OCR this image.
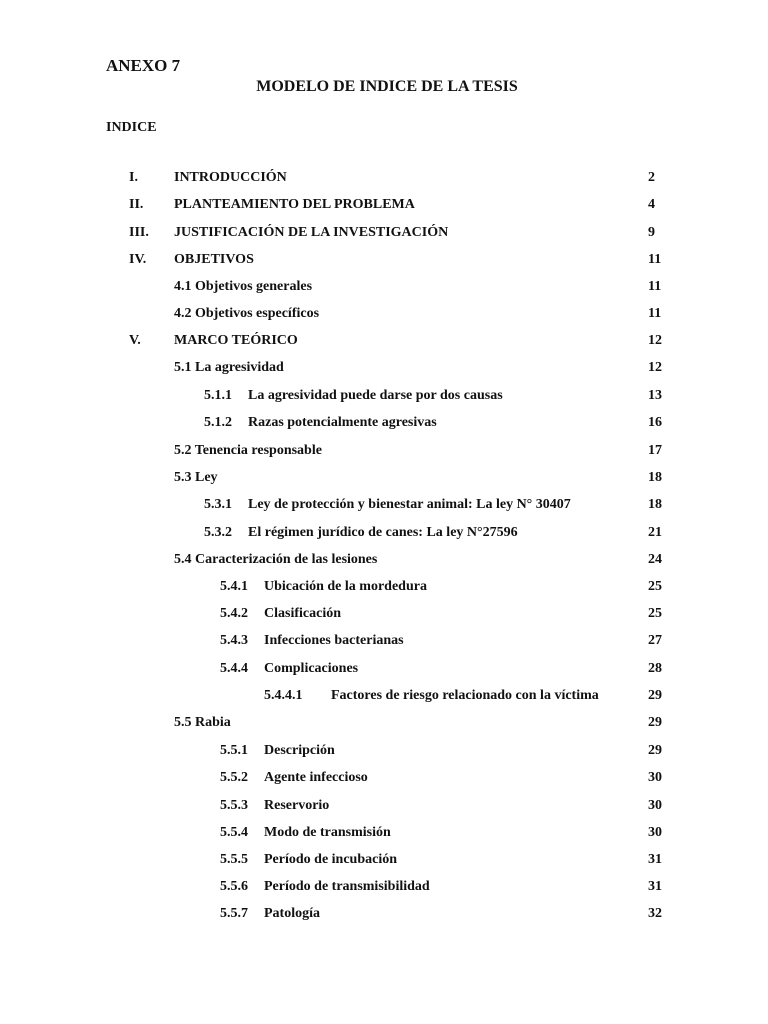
ANEXO 7
MODELO DE INDICE DE LA TESIS
INDICE
I.	INTRODUCCIÓN	2
II. PLANTEAMIENTO DEL PROBLEMA	4
III. JUSTIFICACIÓN DE LA INVESTIGACIÓN	9
IV. OBJETIVOS	11
4.1 Objetivos generales	11
4.2 Objetivos específicos	11
V. MARCO TEÓRICO	12
5.1 La agresividad	12
5.1.1 La agresividad puede darse por dos causas	13
5.1.2 Razas potencialmente agresivas	16
5.2 Tenencia responsable	17
5.3 Ley	18
5.3.1 Ley de protección y bienestar animal: La ley N° 30407	18
5.3.2 El régimen jurídico de canes: La ley N°27596	21
5.4 Caracterización de las lesiones	24
5.4.1 Ubicación de la mordedura	25
5.4.2 Clasificación	25
5.4.3 Infecciones bacterianas	27
5.4.4 Complicaciones	28
5.4.4.1 Factores de riesgo relacionado con la víctima	29
5.5 Rabia	29
5.5.1 Descripción	29
5.5.2 Agente infeccioso	30
5.5.3 Reservorio	30
5.5.4 Modo de transmisión	30
5.5.5 Período de incubación	31
5.5.6 Período de transmisibilidad	31
5.5.7 Patología	32
